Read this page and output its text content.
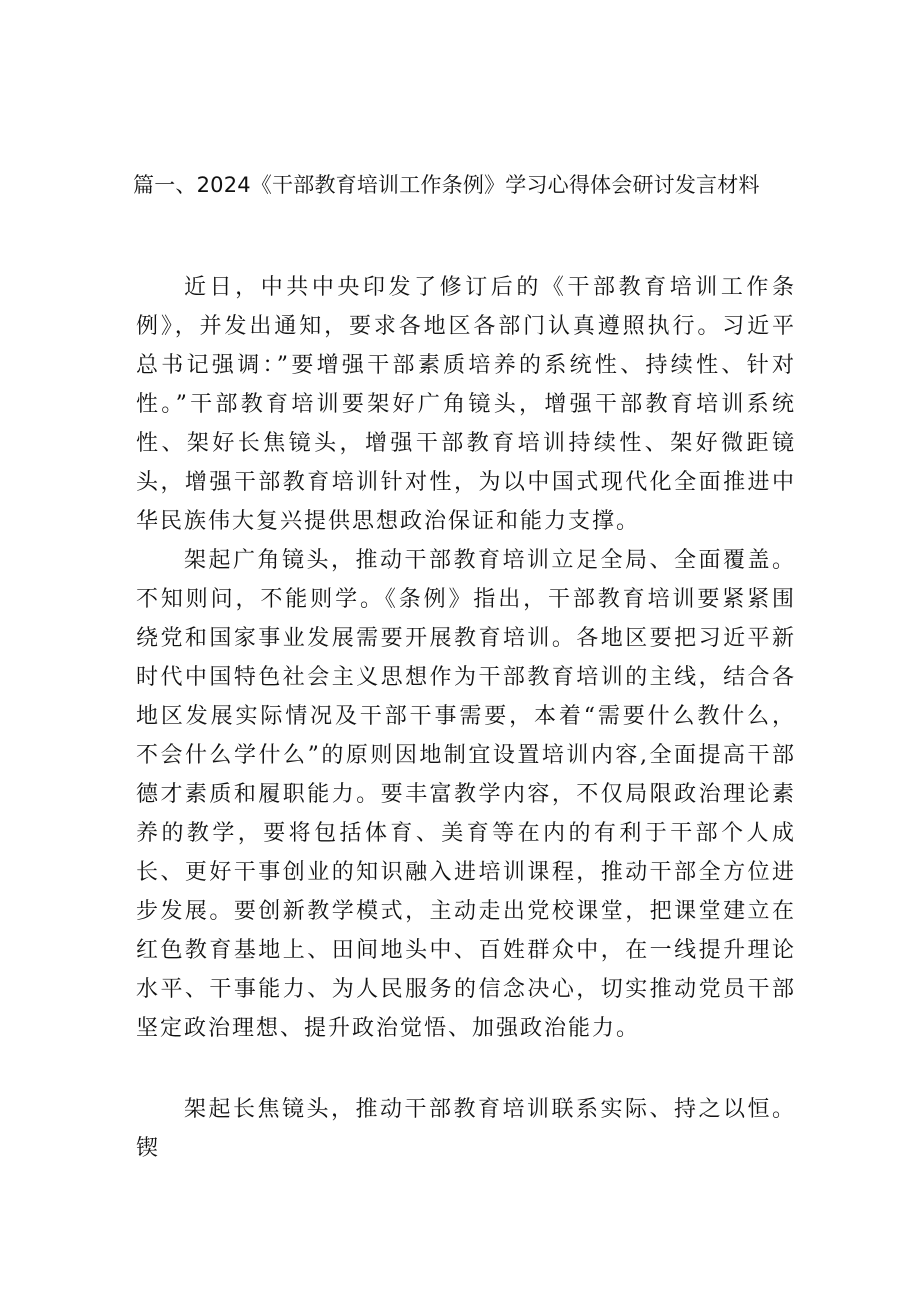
篇一、2024《干部教育培训工作条例》学习心得体会研讨发言材料

近日，中共中央印发了修订后的《干部教育培训工作条例》，并发出通知，要求各地区各部门认真遵照执行。习近平总书记强调：”要增强干部素质培养的系统性、持续性、针对性。”干部教育培训要架好广角镜头，增强干部教育培训系统性、架好长焦镜头，增强干部教育培训持续性、架好微距镜头，增强干部教育培训针对性，为以中国式现代化全面推进中华民族伟大复兴提供思想政治保证和能力支撑。

架起广角镜头，推动干部教育培训立足全局、全面覆盖。不知则问，不能则学。《条例》指出，干部教育培训要紧紧围绕党和国家事业发展需要开展教育培训。各地区要把习近平新时代中国特色社会主义思想作为干部教育培训的主线，结合各地区发展实际情况及干部干事需要，本着“需要什么教什么，不会什么学什么”的原则因地制宜设置培训内容,全面提高干部德才素质和履职能力。要丰富教学内容，不仅局限政治理论素养的教学，要将包括体育、美育等在内的有利于干部个人成长、更好干事创业的知识融入进培训课程，推动干部全方位进步发展。要创新教学模式，主动走出党校课堂，把课堂建立在红色教育基地上、田间地头中、百姓群众中，在一线提升理论水平、干事能力、为人民服务的信念决心，切实推动党员干部坚定政治理想、提升政治觉悟、加强政治能力。

架起长焦镜头，推动干部教育培训联系实际、持之以恒。锲
